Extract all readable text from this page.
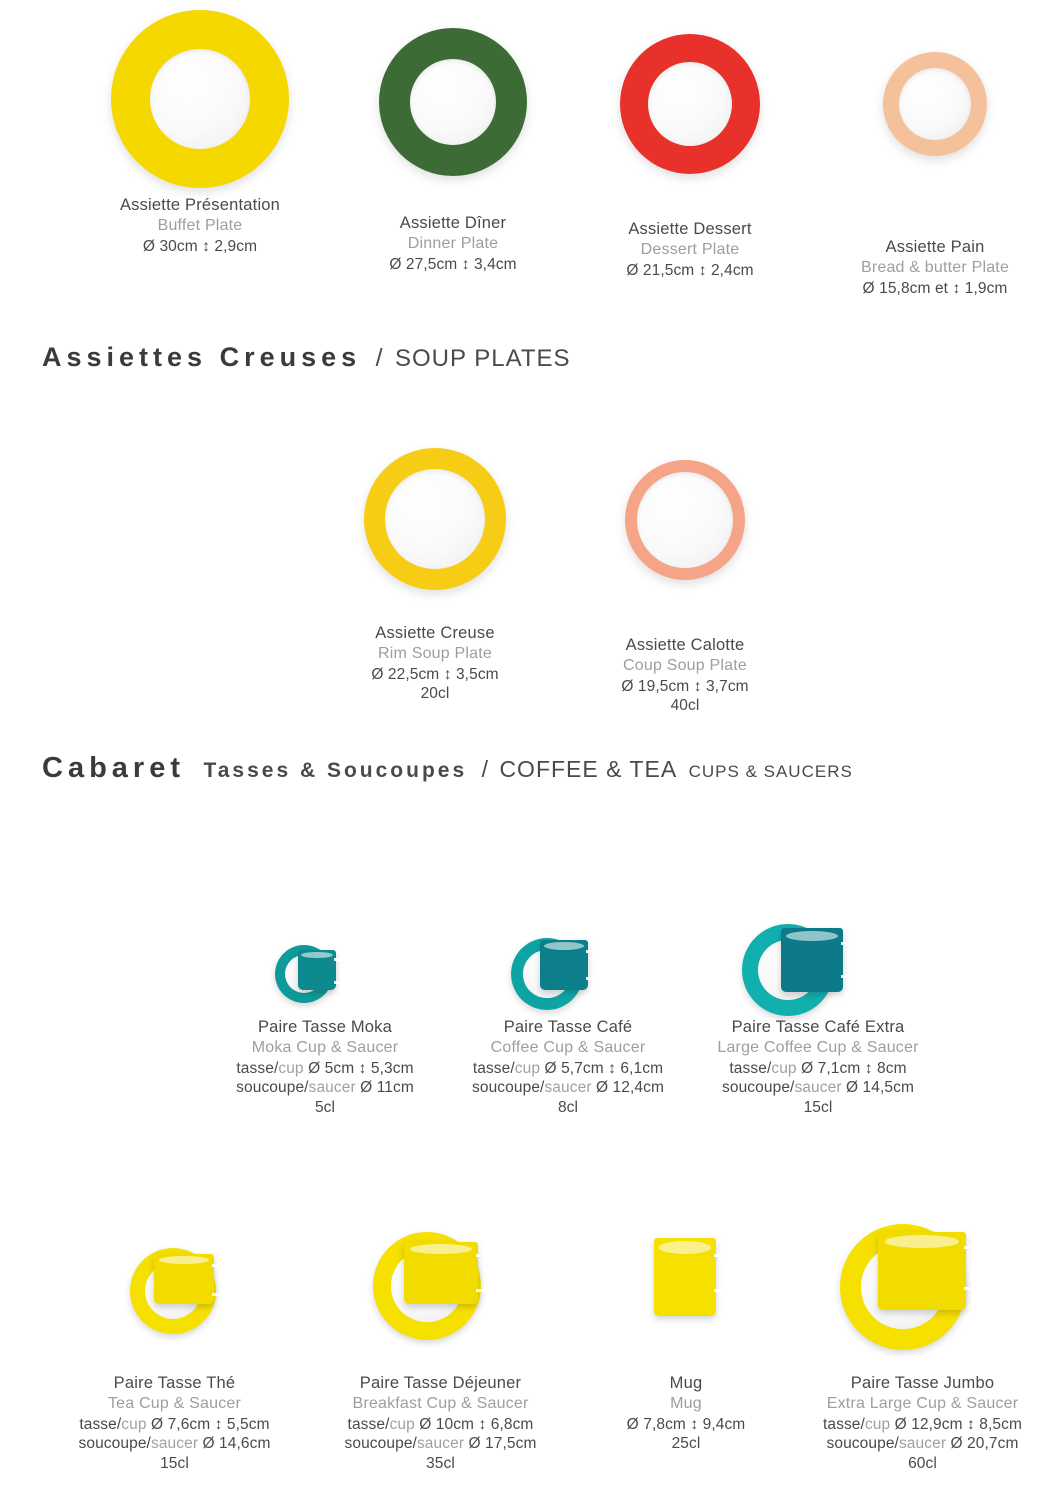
Assiette Présentation
Buffet Plate
Ø 30cm ↕ 2,9cm
Assiette Dîner
Dinner Plate
Ø 27,5cm ↕ 3,4cm
Assiette Dessert
Dessert Plate
Ø 21,5cm ↕ 2,4cm
Assiette Pain
Bread & butter Plate
Ø 15,8cm et ↕ 1,9cm
Assiettes Creuses / SOUP PLATES
Assiette Creuse
Rim Soup Plate
Ø 22,5cm ↕ 3,5cm
20cl
Assiette Calotte
Coup Soup Plate
Ø 19,5cm ↕ 3,7cm
40cl
Cabaret Tasses & Soucoupes / COFFEE & TEA CUPS & SAUCERS
Paire Tasse Moka
Moka Cup & Saucer
tasse/cup Ø 5cm ↕ 5,3cm
soucoupe/saucer Ø 11cm
5cl
Paire Tasse Café
Coffee Cup & Saucer
tasse/cup Ø 5,7cm ↕ 6,1cm
soucoupe/saucer Ø 12,4cm
8cl
Paire Tasse Café Extra
Large Coffee Cup & Saucer
tasse/cup Ø 7,1cm ↕ 8cm
soucoupe/saucer Ø 14,5cm
15cl
Paire Tasse Thé
Tea Cup & Saucer
tasse/cup Ø 7,6cm ↕ 5,5cm
soucoupe/saucer Ø 14,6cm
15cl
Paire Tasse Déjeuner
Breakfast Cup & Saucer
tasse/cup Ø 10cm ↕ 6,8cm
soucoupe/saucer Ø 17,5cm
35cl
Mug
Mug
Ø 7,8cm ↕ 9,4cm
25cl
Paire Tasse Jumbo
Extra Large Cup & Saucer
tasse/cup Ø 12,9cm ↕ 8,5cm
soucoupe/saucer Ø 20,7cm
60cl
